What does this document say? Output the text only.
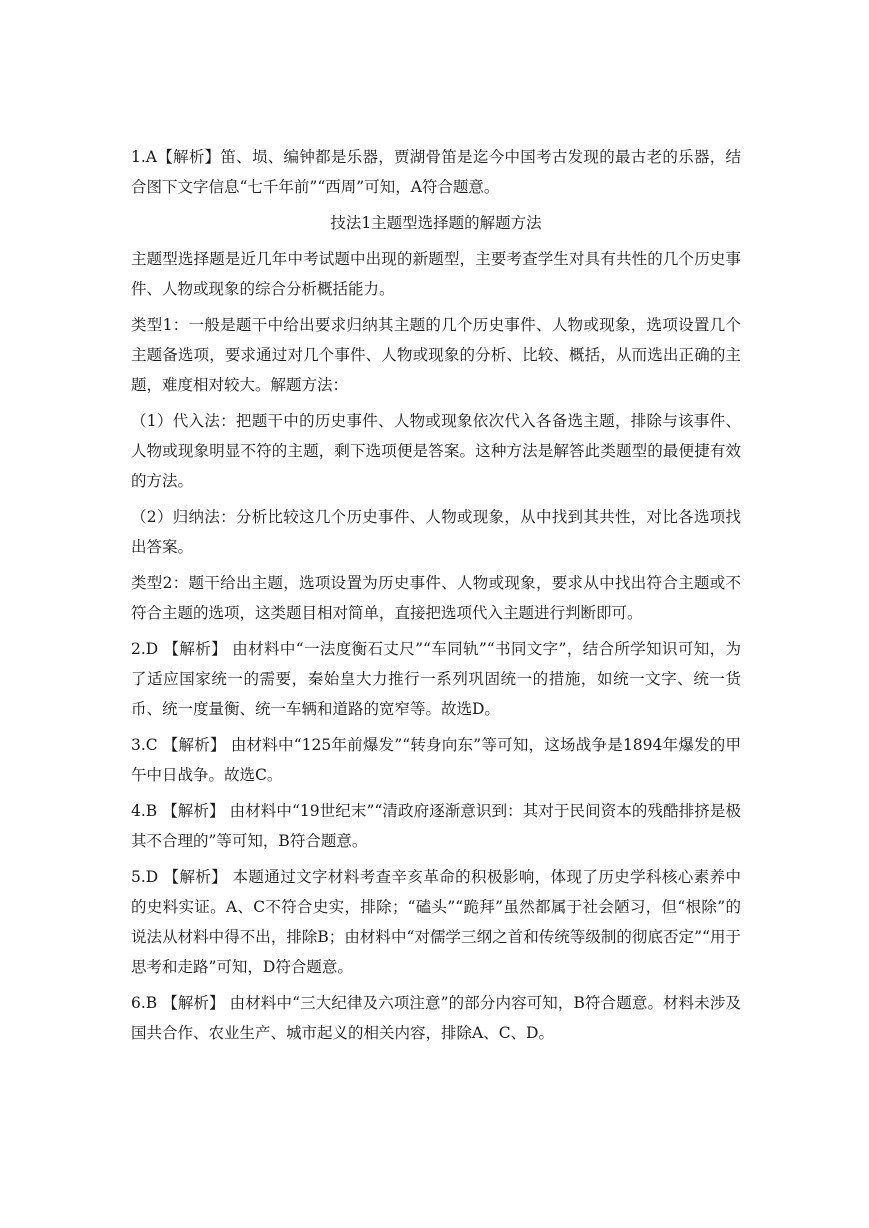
1.A【解析】笛、埙、编钟都是乐器，贾湖骨笛是迄今中国考古发现的最古老的乐器，结合图下文字信息“七千年前”“西周”可知，A符合题意。

技法1主题型选择题的解题方法

主题型选择题是近几年中考试题中出现的新题型，主要考查学生对具有共性的几个历史事件、人物或现象的综合分析概括能力。

类型1：一般是题干中给出要求归纳其主题的几个历史事件、人物或现象，选项设置几个主题备选项，要求通过对几个事件、人物或现象的分析、比较、概括，从而选出正确的主题，难度相对较大。解题方法：

（1）代入法：把题干中的历史事件、人物或现象依次代入各备选主题，排除与该事件、人物或现象明显不符的主题，剩下选项便是答案。这种方法是解答此类题型的最便捷有效的方法。

（2）归纳法：分析比较这几个历史事件、人物或现象，从中找到其共性，对比各选项找出答案。

类型2：题干给出主题，选项设置为历史事件、人物或现象，要求从中找出符合主题或不符合主题的选项，这类题目相对简单，直接把选项代入主题进行判断即可。

2.D 【解析】 由材料中“一法度衡石丈尺”“车同轨”“书同文字”，结合所学知识可知，为了适应国家统一的需要，秦始皇大力推行一系列巩固统一的措施，如统一文字、统一货币、统一度量衡、统一车辆和道路的宽窄等。故选D。

3.C 【解析】 由材料中“125年前爆发”“转身向东”等可知，这场战争是1894年爆发的甲午中日战争。故选C。

4.B 【解析】 由材料中“19世纪末”“清政府逐渐意识到：其对于民间资本的残酷排挤是极其不合理的”等可知，B符合题意。

5.D 【解析】 本题通过文字材料考查辛亥革命的积极影响，体现了历史学科核心素养中的史料实证。A、C不符合史实，排除；“磕头”“跪拜”虽然都属于社会陋习，但“根除”的说法从材料中得不出，排除B；由材料中“对儒学三纲之首和传统等级制的彻底否定”“用于思考和走路”可知，D符合题意。

6.B 【解析】 由材料中“三大纪律及六项注意”的部分内容可知，B符合题意。材料未涉及国共合作、农业生产、城市起义的相关内容，排除A、C、D。
